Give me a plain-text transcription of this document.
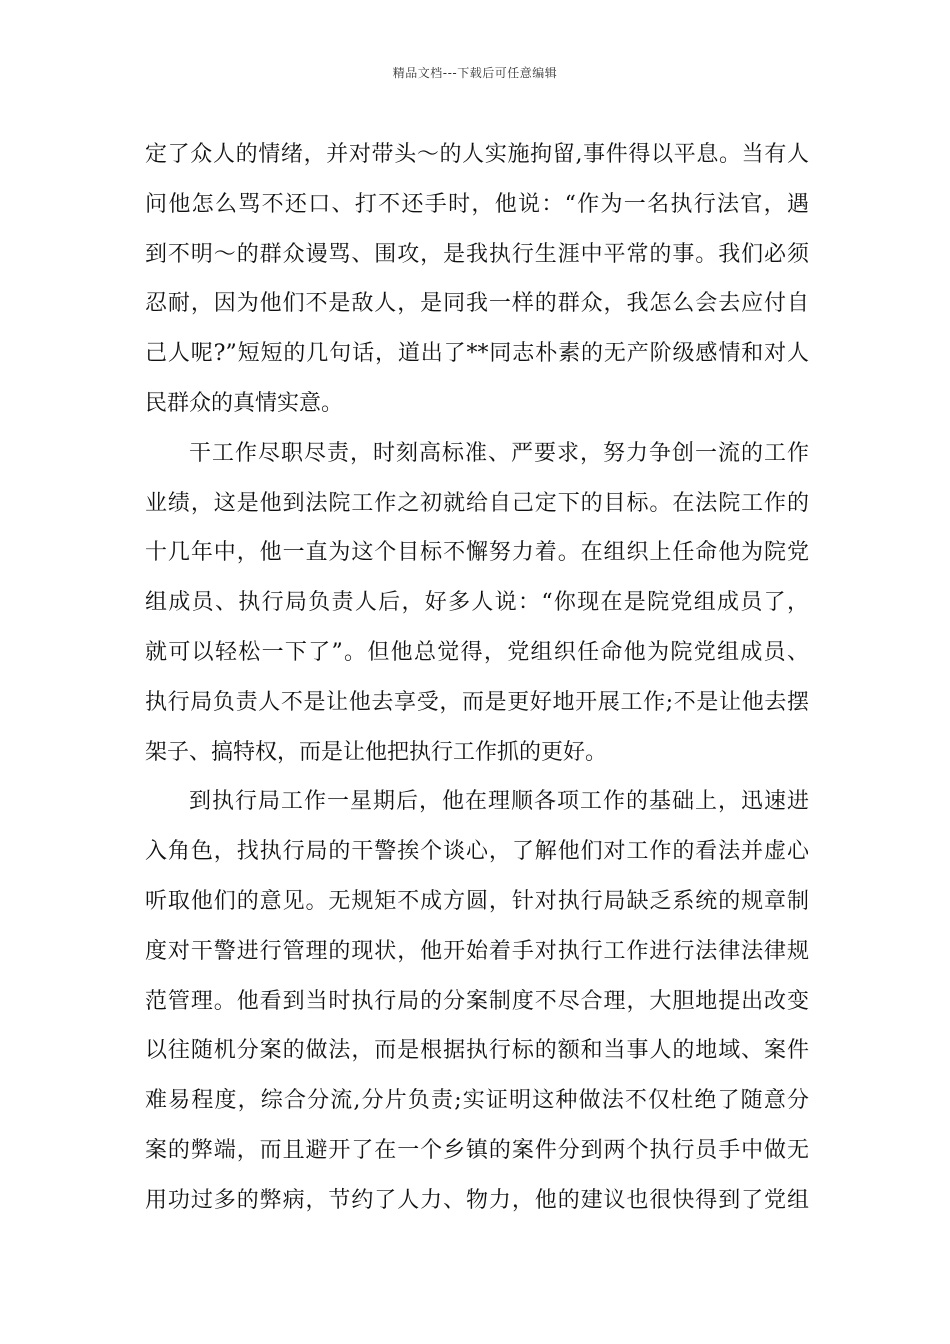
精品文档---下载后可任意编辑

定了众人的情绪，并对带头～的人实施拘留,事件得以平息。当有人
问他怎么骂不还口、打不还手时，他说：“作为一名执行法官，遇
到不明～的群众谩骂、围攻，是我执行生涯中平常的事。我们必须
忍耐，因为他们不是敌人，是同我一样的群众，我怎么会去应付自
己人呢?”短短的几句话，道出了**同志朴素的无产阶级感情和对人
民群众的真情实意。

干工作尽职尽责，时刻高标准、严要求，努力争创一流的工作
业绩，这是他到法院工作之初就给自己定下的目标。在法院工作的
十几年中，他一直为这个目标不懈努力着。在组织上任命他为院党
组成员、执行局负责人后，好多人说：“你现在是院党组成员了，
就可以轻松一下了”。但他总觉得，党组织任命他为院党组成员、
执行局负责人不是让他去享受，而是更好地开展工作;不是让他去摆
架子、搞特权，而是让他把执行工作抓的更好。

到执行局工作一星期后，他在理顺各项工作的基础上，迅速进
入角色，找执行局的干警挨个谈心，了解他们对工作的看法并虚心
听取他们的意见。无规矩不成方圆，针对执行局缺乏系统的规章制
度对干警进行管理的现状，他开始着手对执行工作进行法律法律规
范管理。他看到当时执行局的分案制度不尽合理，大胆地提出改变
以往随机分案的做法，而是根据执行标的额和当事人的地域、案件
难易程度，综合分流,分片负责;实证明这种做法不仅杜绝了随意分
案的弊端，而且避开了在一个乡镇的案件分到两个执行员手中做无
用功过多的弊病，节约了人力、物力，他的建议也很快得到了党组
